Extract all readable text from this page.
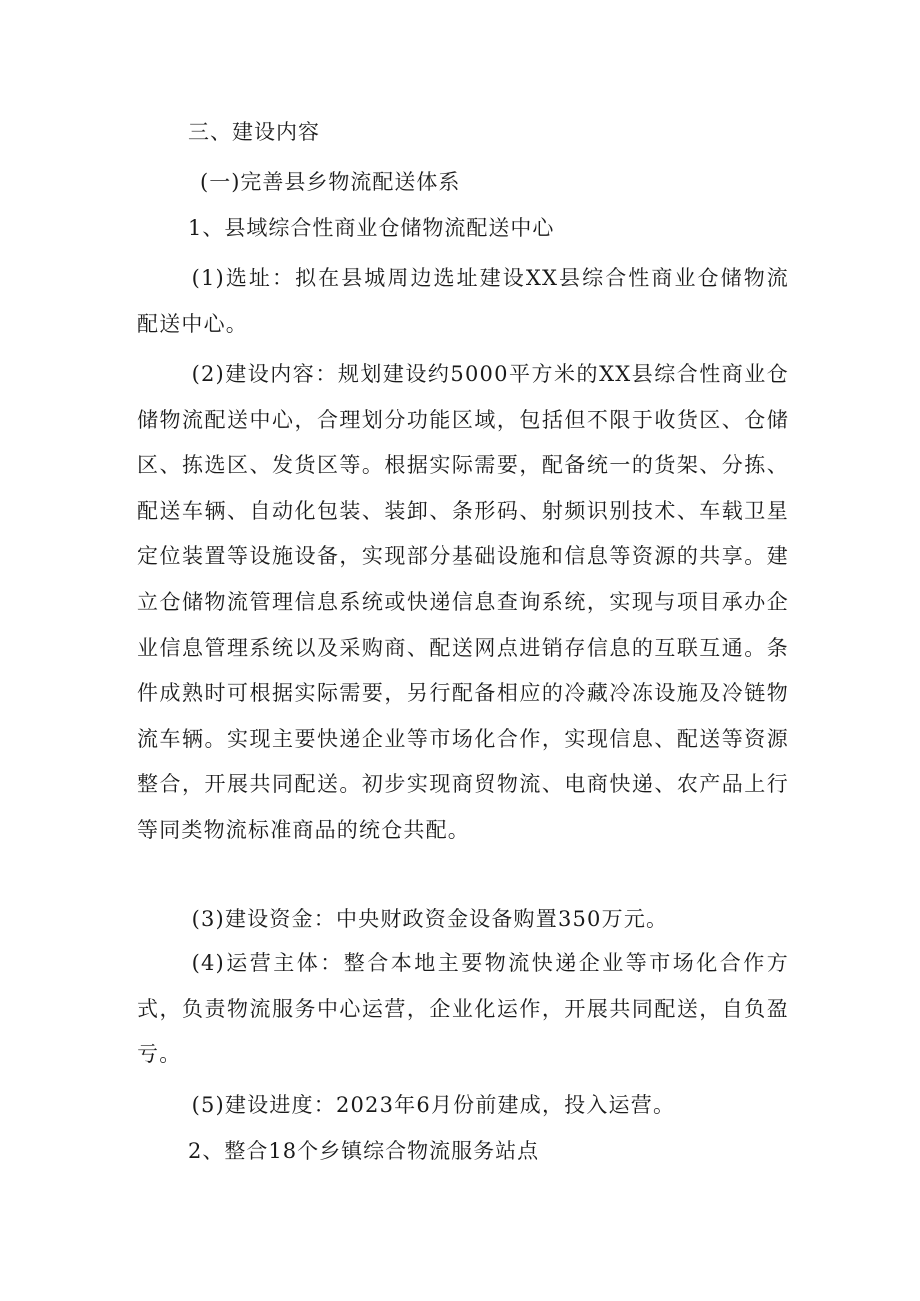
三、建设内容
(一)完善县乡物流配送体系
1、县域综合性商业仓储物流配送中心
(1)选址：拟在县城周边选址建设XX县综合性商业仓储物流配送中心。
(2)建设内容：规划建设约5000平方米的XX县综合性商业仓储物流配送中心，合理划分功能区域，包括但不限于收货区、仓储区、拣选区、发货区等。根据实际需要，配备统一的货架、分拣、配送车辆、自动化包装、装卸、条形码、射频识别技术、车载卫星定位装置等设施设备，实现部分基础设施和信息等资源的共享。建立仓储物流管理信息系统或快递信息查询系统，实现与项目承办企业信息管理系统以及采购商、配送网点进销存信息的互联互通。条件成熟时可根据实际需要，另行配备相应的冷藏冷冻设施及冷链物流车辆。实现主要快递企业等市场化合作，实现信息、配送等资源整合，开展共同配送。初步实现商贸物流、电商快递、农产品上行等同类物流标准商品的统仓共配。
(3)建设资金：中央财政资金设备购置350万元。
(4)运营主体：整合本地主要物流快递企业等市场化合作方式，负责物流服务中心运营，企业化运作，开展共同配送，自负盈亏。
(5)建设进度：2023年6月份前建成，投入运营。
2、整合18个乡镇综合物流服务站点
